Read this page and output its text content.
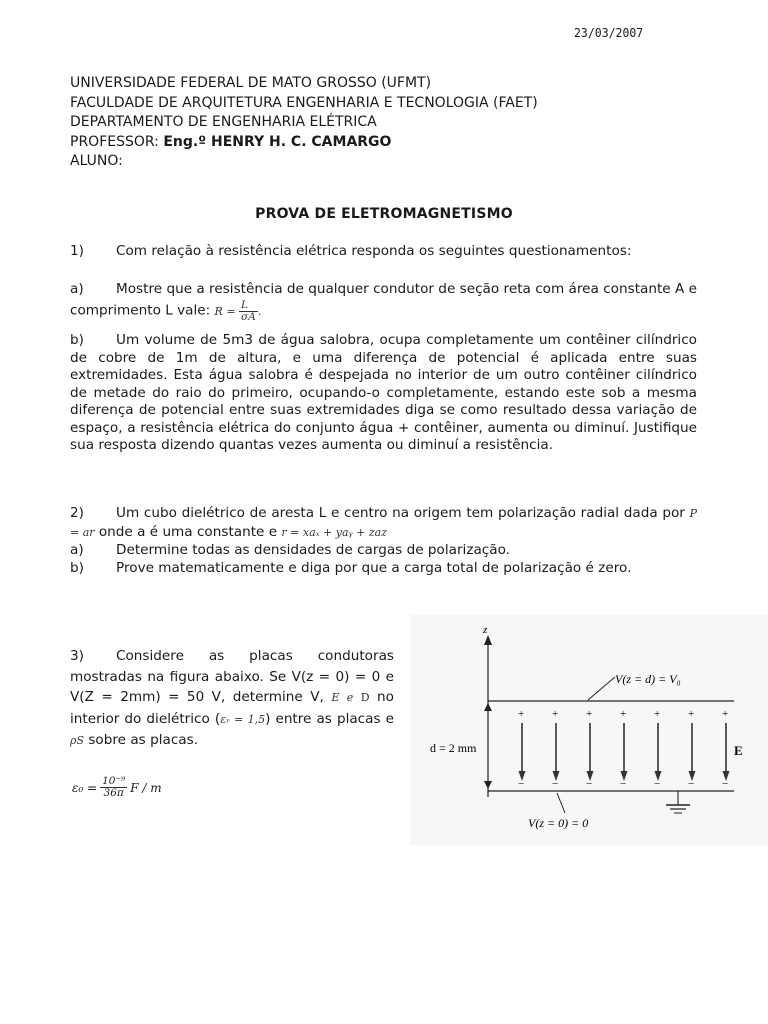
23/03/2007
UNIVERSIDADE FEDERAL DE MATO GROSSO (UFMT)
FACULDADE DE ARQUITETURA ENGENHARIA E TECNOLOGIA (FAET)
DEPARTAMENTO DE ENGENHARIA ELÉTRICA
PROFESSOR: Eng.º HENRY H. C. CAMARGO
ALUNO:
PROVA DE ELETROMAGNETISMO
1) Com relação à resistência elétrica responda os seguintes questionamentos:
a) Mostre que a resistência de qualquer condutor de seção reta com área constante A e comprimento L vale: $R = \frac{L}{\sigma A}$ .
b) Um volume de 5m3 de água salobra, ocupa completamente um contêiner cilíndrico de cobre de 1m de altura, e uma diferença de potencial é aplicada entre suas extremidades. Esta água salobra é despejada no interior de um outro contêiner cilíndrico de metade do raio do primeiro, ocupando-o completamente, estando este sob a mesma diferença de potencial entre suas extremidades diga se como resultado dessa variação de espaço, a resistência elétrica do conjunto água + contêiner, aumenta ou diminuí. Justifique sua resposta dizendo quantas vezes aumenta ou diminuí a resistência.
2) Um cubo dielétrico de aresta L e centro na origem tem polarização radial dada por P = ar onde a é uma constante e r = xaₓ + yaᵧ + zaz
a) Determine todas as densidades de cargas de polarização.
b) Prove matematicamente e diga por que a carga total de polarização é zero.
3) Considere as placas condutoras mostradas na figura abaixo. Se V(z = 0) = 0 e V(Z = 2mm) = 50 V, determine V, E e D no interior do dielétrico (εᵣ = 1,5) entre as placas e ρS sobre as placas.
$\varepsilon_0 = \frac{\text{10⁻⁹}}{36\pi}$ F / m
z
V(z = d) = V₀
V(z = 0) = 0
d = 2 mm
+
−
+
−
+
−
+
−
+
−
+
−
+
−
E
